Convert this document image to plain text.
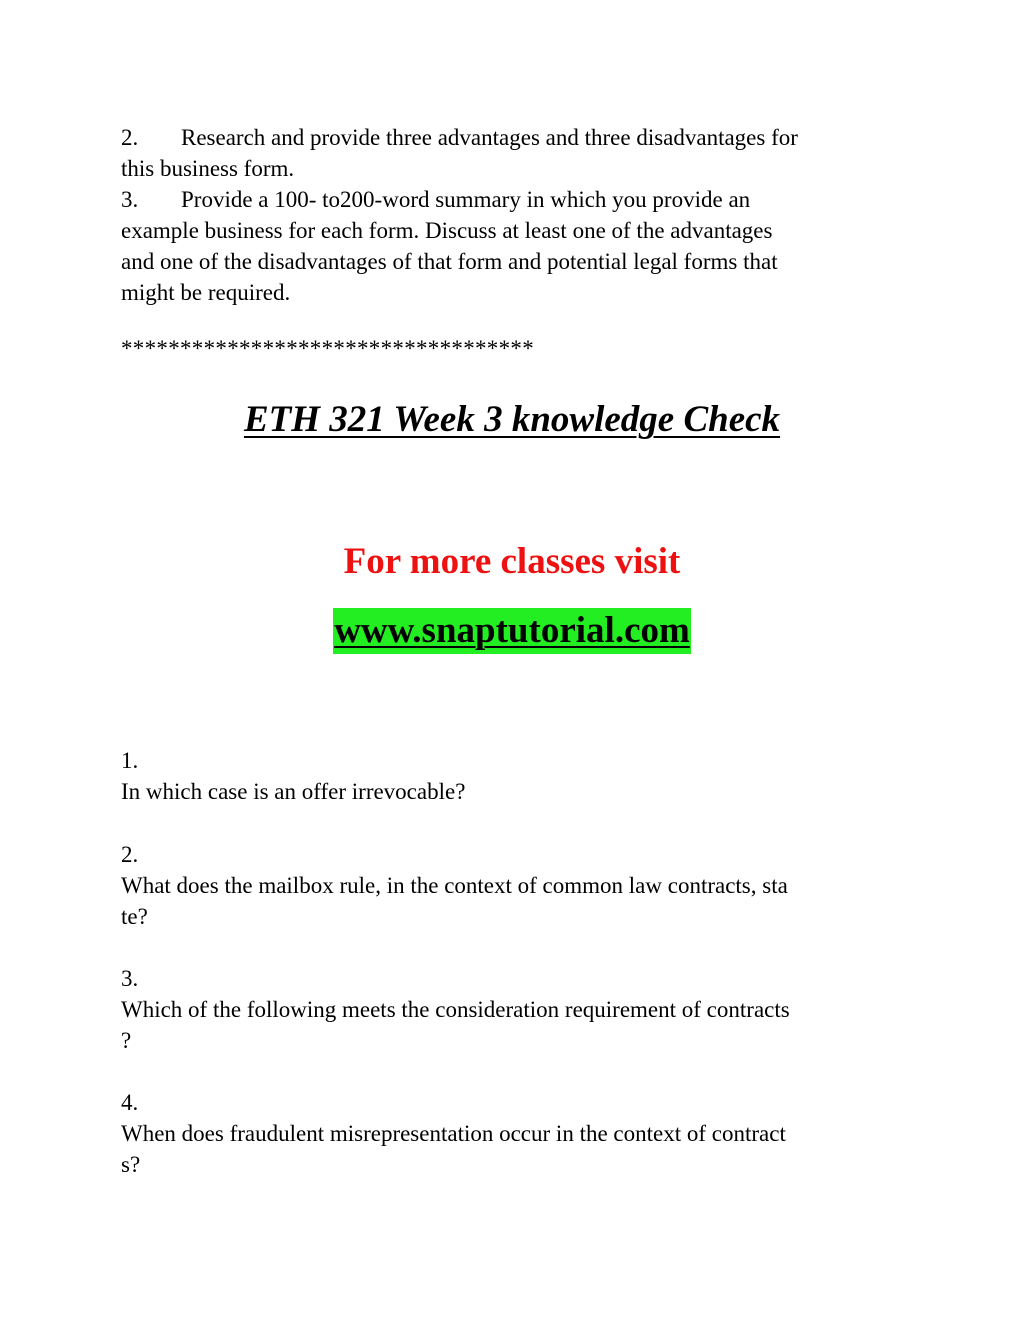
2. Research and provide three advantages and three disadvantages for
this business form.
3. Provide a 100- to200-word summary in which you provide an
example business for each form. Discuss at least one of the advantages
and one of the disadvantages of that form and potential legal forms that
might be required.
***********************************
ETH 321 Week 3 knowledge Check
For more classes visit
www.snaptutorial.com
1.
In which case is an offer irrevocable?
2.
What does the mailbox rule, in the context of common law contracts, sta
te?
3.
Which of the following meets the consideration requirement of contracts
?
4.
When does fraudulent misrepresentation occur in the context of contract
s?
